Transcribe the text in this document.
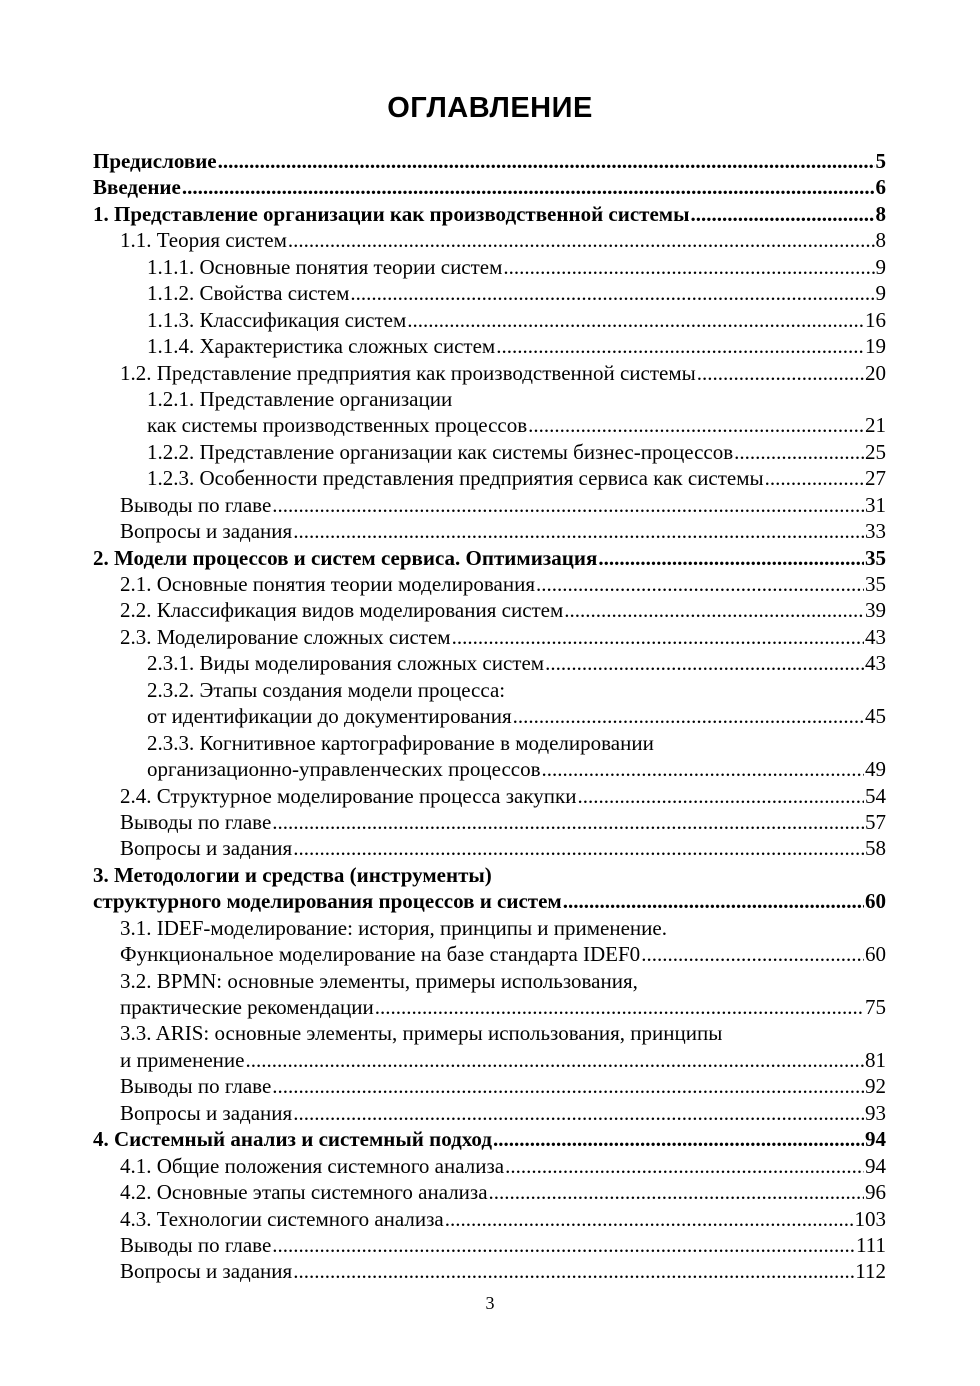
ОГЛАВЛЕНИЕ
Предисловие .....	5
Введение .....	6
1. Представление организации как производственной системы .....	8
1.1. Теория систем .....	8
1.1.1. Основные понятия теории систем .....	9
1.1.2. Свойства систем .....	9
1.1.3. Классификация систем .....	16
1.1.4. Характеристика сложных систем .....	19
1.2. Представление предприятия как производственной системы .....	20
1.2.1. Представление организации
как системы производственных процессов .....	21
1.2.2. Представление организации как системы бизнес-процессов .....	25
1.2.3. Особенности представления предприятия сервиса как системы .....	27
Выводы по главе .....	31
Вопросы и задания .....	33
2. Модели процессов и систем сервиса. Оптимизация .....	35
2.1. Основные понятия теории моделирования .....	35
2.2. Классификация видов моделирования систем .....	39
2.3. Моделирование сложных систем .....	43
2.3.1. Виды моделирования сложных систем .....	43
2.3.2. Этапы создания модели процесса:
от идентификации до документирования .....	45
2.3.3. Когнитивное картографирование в моделировании
организационно-управленческих процессов .....	49
2.4. Структурное моделирование процесса закупки .....	54
Выводы по главе .....	57
Вопросы и задания .....	58
3. Методологии и средства (инструменты)
структурного моделирования процессов и систем .....	60
3.1. IDEF-моделирование: история, принципы и применение.
Функциональное моделирование на базе стандарта IDEF0 .....	60
3.2. BPMN: основные элементы, примеры использования,
практические рекомендации .....	75
3.3. ARIS: основные элементы, примеры использования, принципы
и применение .....	81
Выводы по главе .....	92
Вопросы и задания .....	93
4. Системный анализ и системный подход .....	94
4.1. Общие положения системного анализа .....	94
4.2. Основные этапы системного анализа .....	96
4.3. Технологии системного анализа .....	103
Выводы по главе .....	111
Вопросы и задания .....	112
3
